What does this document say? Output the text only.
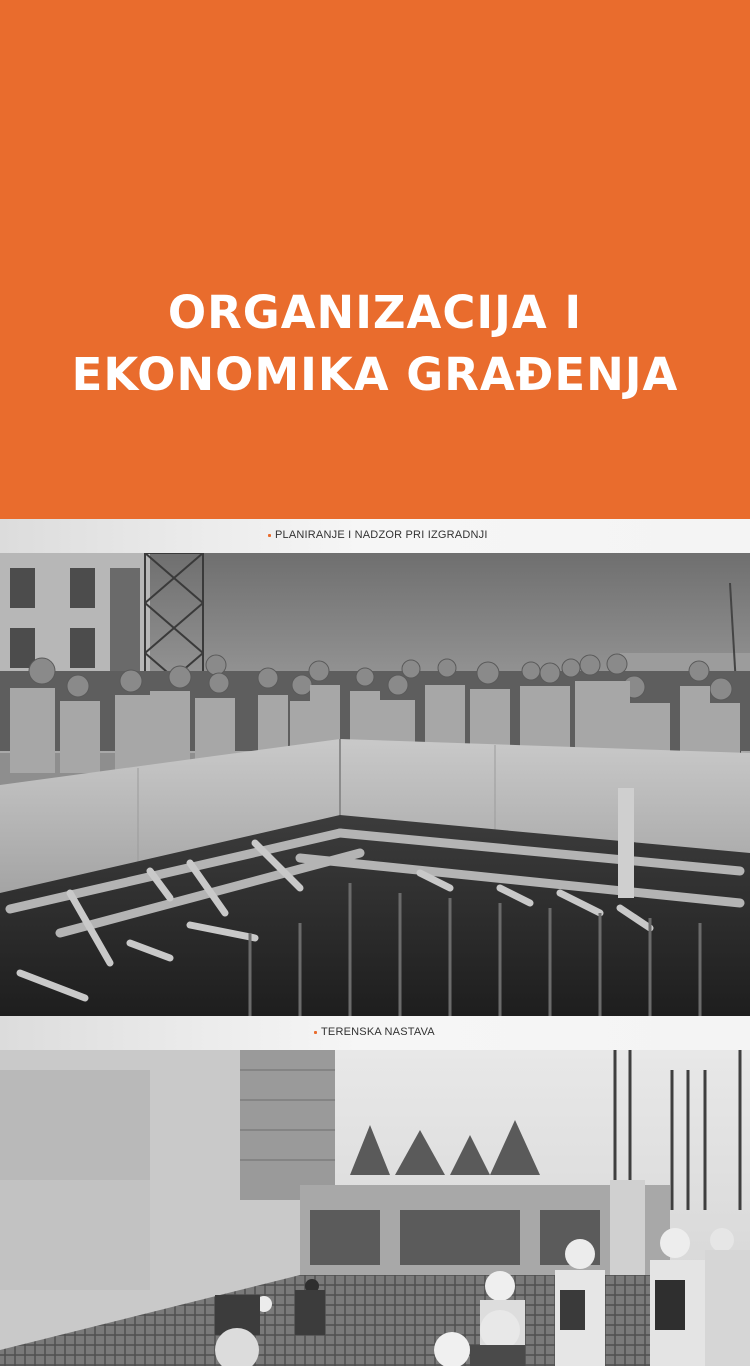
ORGANIZACIJA I
EKONOMIKA GRAĐENJA
PLANIRANJE I NADZOR PRI IZGRADNJI
TERENSKA NASTAVA
